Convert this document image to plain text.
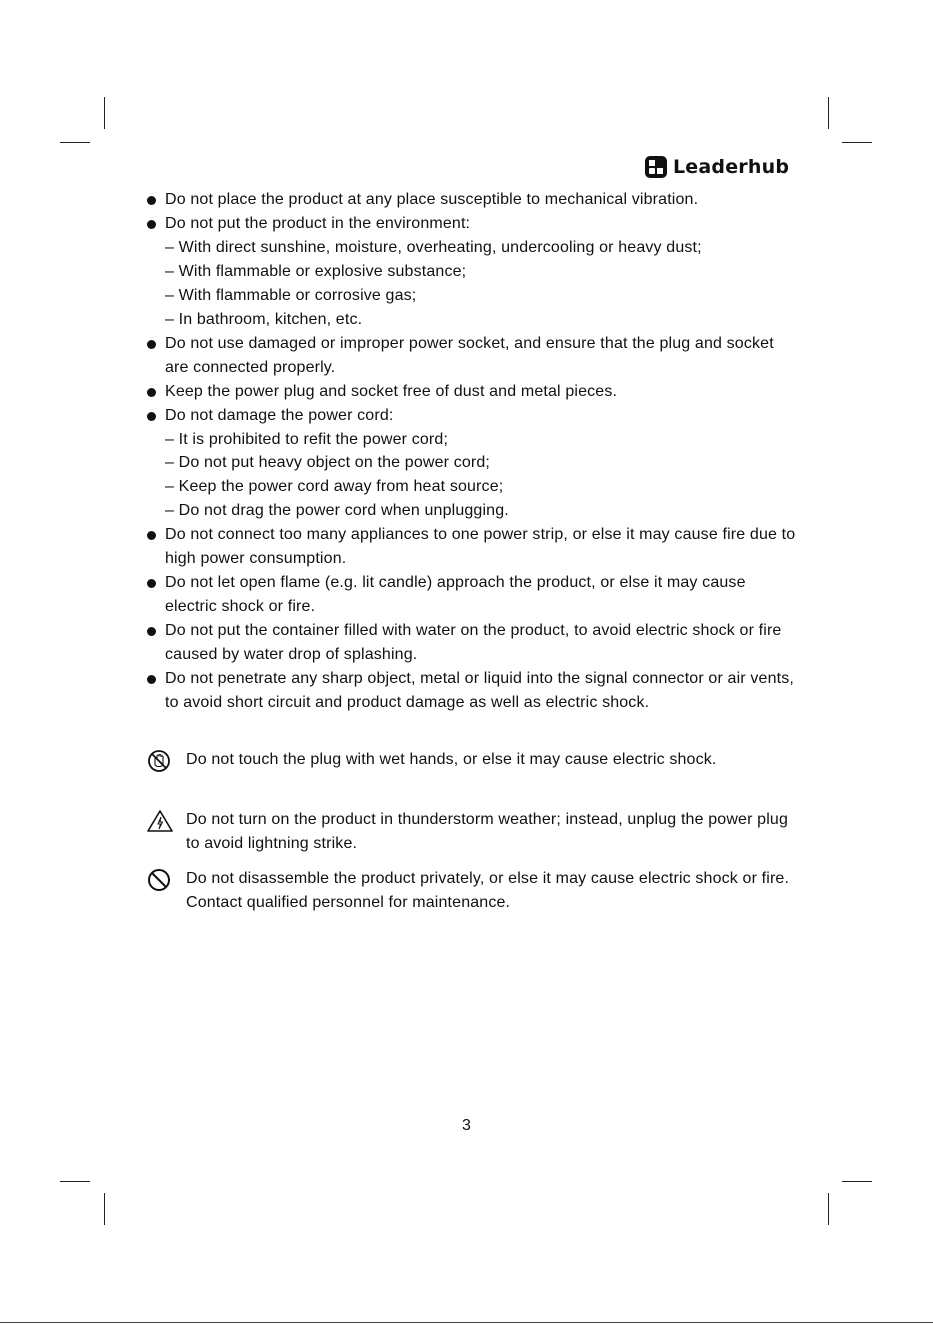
Leaderhub
Do not place the product at any place susceptible to mechanical vibration.
Do not put the product in the environment:
– With direct sunshine, moisture, overheating, undercooling or heavy dust;
– With flammable or explosive substance;
– With flammable or corrosive gas;
– In bathroom, kitchen, etc.
Do not use damaged or improper power socket, and ensure that the plug and socket are connected properly.
Keep the power plug and socket free of dust and metal pieces.
Do not damage the power cord:
– It is prohibited to refit the power cord;
– Do not put heavy object on the power cord;
– Keep the power cord away from heat source;
– Do not drag the power cord when unplugging.
Do not connect too many appliances to one power strip, or else it may cause fire due to high power consumption.
Do not let open flame (e.g. lit candle) approach the product, or else it may cause electric shock or fire.
Do not put the container filled with water on the product, to avoid electric shock or fire caused by water drop of splashing.
Do not penetrate any sharp object, metal or liquid into the signal connector or air vents, to avoid short circuit and product damage as well as electric shock.
Do not touch the plug with wet hands, or else it may cause electric shock.
Do not turn on the product in thunderstorm weather; instead, unplug the power plug to avoid lightning strike.
Do not disassemble the product privately, or else it may cause electric shock or fire. Contact qualified personnel for maintenance.
3
